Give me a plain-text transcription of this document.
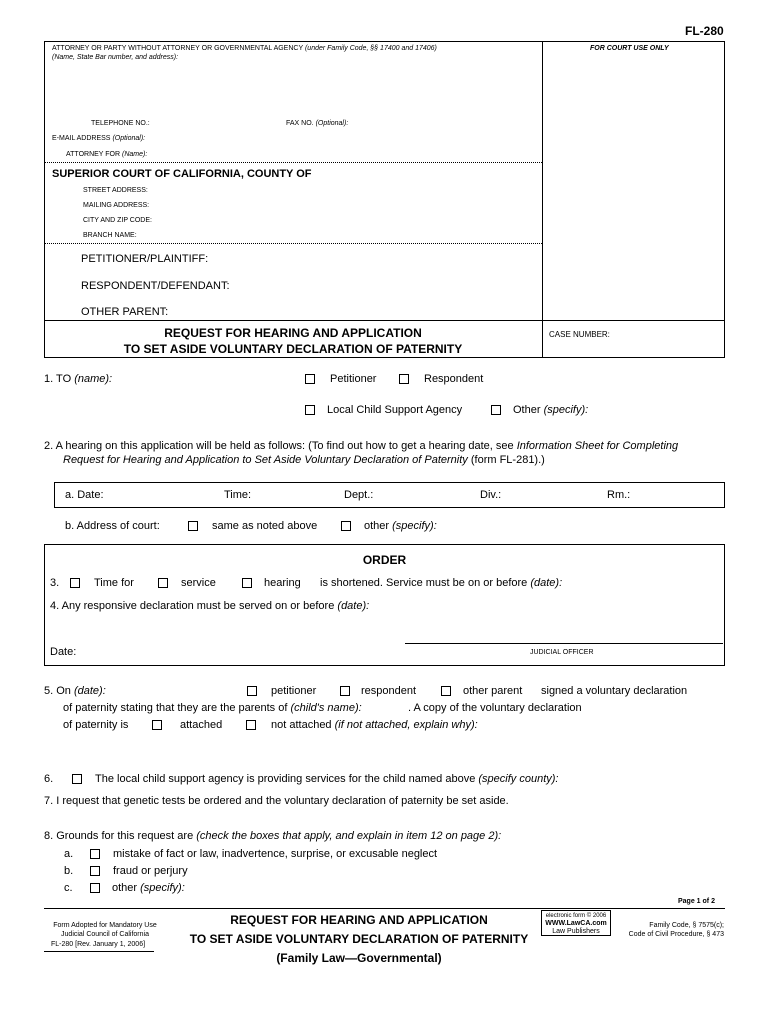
FL-280
ATTORNEY OR PARTY WITHOUT ATTORNEY OR GOVERNMENTAL AGENCY (under Family Code, §§ 17400 and 17406)
(Name, State Bar number, and address):
FOR COURT USE ONLY
TELEPHONE NO.:	FAX NO. (Optional):
E-MAIL ADDRESS (Optional):
ATTORNEY FOR (Name):
SUPERIOR COURT OF CALIFORNIA, COUNTY OF
STREET ADDRESS:
MAILING ADDRESS:
CITY AND ZIP CODE:
BRANCH NAME:
PETITIONER/PLAINTIFF:
RESPONDENT/DEFENDANT:
OTHER PARENT:
REQUEST FOR HEARING AND APPLICATION
TO SET ASIDE VOLUNTARY DECLARATION OF PATERNITY
CASE NUMBER:
1. TO (name):	Petitioner	Respondent
Local Child Support Agency	Other (specify):
2. A hearing on this application will be held as follows: (To find out how to get a hearing date, see Information Sheet for Completing
Request for Hearing and Application to Set Aside Voluntary Declaration of Paternity (form FL-281).)
a. Date:	Time:	Dept.:	Div.:	Rm.:
b. Address of court:	same as noted above	other (specify):
ORDER
3.	Time for	service	hearing is shortened. Service must be on or before (date):
4. Any responsive declaration must be served on or before (date):
Date:	JUDICIAL OFFICER
5. On (date):	petitioner	respondent	other parent signed a voluntary declaration
of paternity stating that they are the parents of (child's name):	. A copy of the voluntary declaration
of paternity is	attached	not attached (if not attached, explain why):
6.	The local child support agency is providing services for the child named above (specify county):
7. I request that genetic tests be ordered and the voluntary declaration of paternity be set aside.
8. Grounds for this request are (check the boxes that apply, and explain in item 12 on page 2):
a.	mistake of fact or law, inadvertence, surprise, or excusable neglect
b.	fraud or perjury
c.	other (specify):
Page 1 of 2
Form Adopted for Mandatory Use
Judicial Council of California
FL-280 [Rev. January 1, 2006]
REQUEST FOR HEARING AND APPLICATION
TO SET ASIDE VOLUNTARY DECLARATION OF PATERNITY
(Family Law—Governmental)
electronic form © 2006
WWW.LawCA.com
Law Publishers
Family Code, § 7575(c);
Code of Civil Procedure, § 473
